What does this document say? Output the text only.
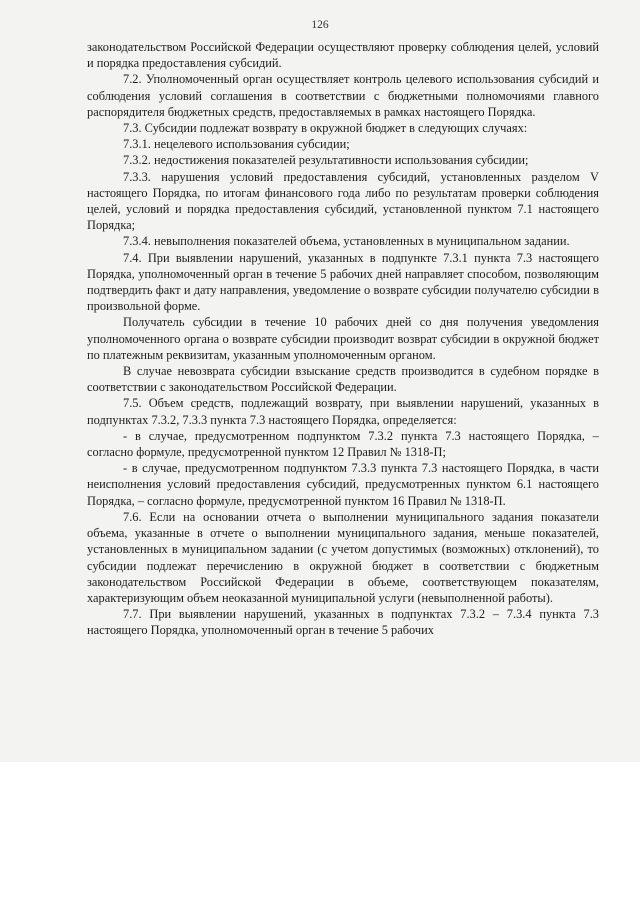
126

законодательством Российской Федерации осуществляют проверку соблюдения целей, условий и порядка предоставления субсидий.

7.2. Уполномоченный орган осуществляет контроль целевого использования субсидий и соблюдения условий соглашения в соответствии с бюджетными полномочиями главного распорядителя бюджетных средств, предоставляемых в рамках настоящего Порядка.

7.3. Субсидии подлежат возврату в окружной бюджет в следующих случаях:

7.3.1. нецелевого использования субсидии;

7.3.2. недостижения показателей результативности использования субсидии;

7.3.3. нарушения условий предоставления субсидий, установленных разделом V настоящего Порядка, по итогам финансового года либо по результатам проверки соблюдения целей, условий и порядка предоставления субсидий, установленной пунктом 7.1 настоящего Порядка;

7.3.4. невыполнения показателей объема, установленных в муниципальном задании.

7.4. При выявлении нарушений, указанных в подпункте 7.3.1 пункта 7.3 настоящего Порядка, уполномоченный орган в течение 5 рабочих дней направляет способом, позволяющим подтвердить факт и дату направления, уведомление о возврате субсидии получателю субсидии в произвольной форме.

Получатель субсидии в течение 10 рабочих дней со дня получения уведомления уполномоченного органа о возврате субсидии производит возврат субсидии в окружной бюджет по платежным реквизитам, указанным уполномоченным органом.

В случае невозврата субсидии взыскание средств производится в судебном порядке в соответствии с законодательством Российской Федерации.

7.5. Объем средств, подлежащий возврату, при выявлении нарушений, указанных в подпунктах 7.3.2, 7.3.3 пункта 7.3 настоящего Порядка, определяется:

- в случае, предусмотренном подпунктом 7.3.2 пункта 7.3 настоящего Порядка, – согласно формуле, предусмотренной пунктом 12 Правил № 1318-П;

- в случае, предусмотренном подпунктом 7.3.3 пункта 7.3 настоящего Порядка, в части неисполнения условий предоставления субсидий, предусмотренных пунктом 6.1 настоящего Порядка, – согласно формуле, предусмотренной пунктом 16 Правил № 1318-П.

7.6. Если на основании отчета о выполнении муниципального задания показатели объема, указанные в отчете о выполнении муниципального задания, меньше показателей, установленных в муниципальном задании (с учетом допустимых (возможных) отклонений), то субсидии подлежат перечислению в окружной бюджет в соответствии с бюджетным законодательством Российской Федерации в объеме, соответствующем показателям, характеризующим объем неоказанной муниципальной услуги (невыполненной работы).

7.7. При выявлении нарушений, указанных в подпунктах 7.3.2 – 7.3.4 пункта 7.3 настоящего Порядка, уполномоченный орган в течение 5 рабочих
